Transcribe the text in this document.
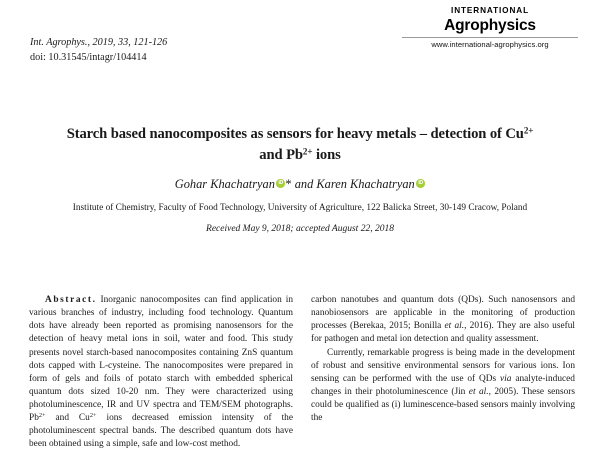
INTERNATIONAL
Agrophysics
www.international-agrophysics.org
Int. Agrophys., 2019, 33, 121-126
doi: 10.31545/intagr/104414
Starch based nanocomposites as sensors for heavy metals – detection of $Cu^{2+}$
and $Pb^{2+}$ ions
Gohar Khachatryan iD * and Karen KhachatryaniD
Institute of Chemistry, Faculty of Food Technology, University of Agriculture, 122 Balicka Street, 30-149 Cracow, Poland
Received May 9, 2018; accepted August 22, 2018

Abstract. Inorganic nanocomposites can find application in various branches of industry, including food technology. Quantum dots have already been reported as promising nanosensors for the detection of heavy metal ions in soil, water and food. This study presents novel starch-based nanocomposites containing ZnS quantum dots capped with L-cysteine. The nanocomposites were prepared in form of gels and foils of potato starch with embedded spherical quantum dots sized 10-20 nm. They were characterized using photoluminescence, IR and UV spectra and TEM/SEM photographs. $Pb^{2+}$ and $Cu^{2+}$ ions decreased emission intensity of the photoluminescent spectral bands. The described quantum dots have been obtained using a simple, safe and low-cost method.

carbon nanotubes and quantum dots (QDs). Such nanosensors and nanobiosensors are applicable in the monitoring of production processes (Berekaa, 2015; Bonilla et al., 2016). They are also useful for pathogen and metal ion detection and quality assessment.

Currently, remarkable progress is being made in the development of robust and sensitive environmental sensors for various ions. Ion sensing can be performed with the use of QDs via analyte-induced changes in their photoluminescence (Jin et al., 2005). These sensors could be qualified as (i) luminescence-based sensors mainly involving the
